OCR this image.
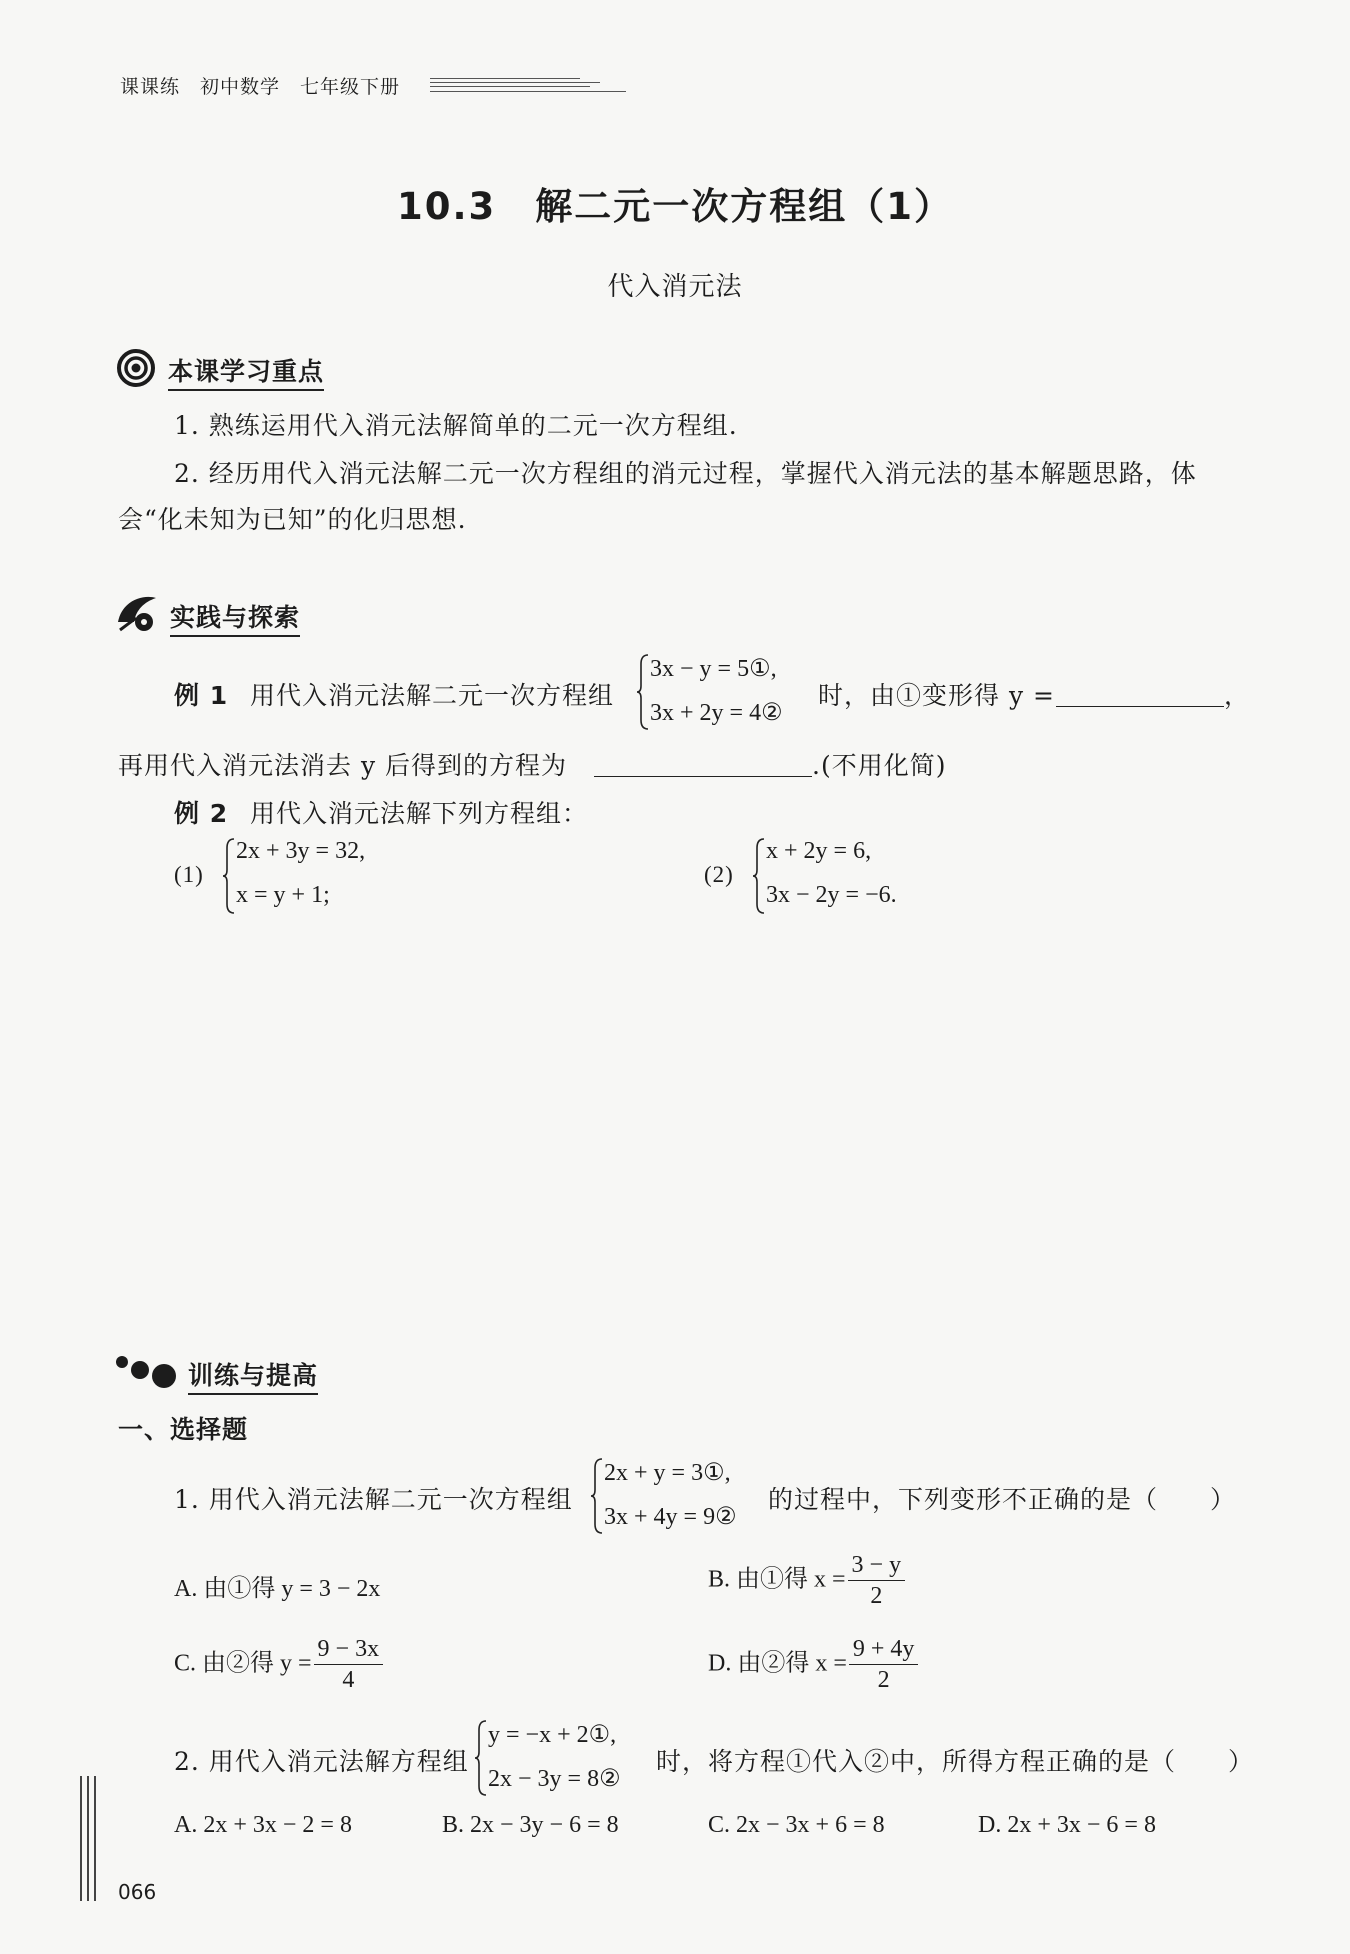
课课练　初中数学　七年级下册
10.3　解二元一次方程组（1）
代入消元法
本课学习重点
1. 熟练运用代入消元法解简单的二元一次方程组.
2. 经历用代入消元法解二元一次方程组的消元过程，掌握代入消元法的基本解题思路，体
会“化未知为已知”的化归思想.
实践与探索
例 1 用代入消元法解二元一次方程组
3x − y = 5①,
3x + 2y = 4②
时，由①变形得 y =	，
再用代入消元法消去 y 后得到的方程为	.(不用化简)
例 2 用代入消元法解下列方程组：
(1)
2x + 3y = 32,
x = y + 1;
(2)
x + 2y = 6,
3x − 2y = −6.
训练与提高
一、选择题
1. 用代入消元法解二元一次方程组
2x + y = 3①,
3x + 4y = 9②
的过程中，下列变形不正确的是（　　）
A. 由①得 y = 3 − 2x	B. 由①得 $x = \frac{3 - y}{2}$
C. 由②得 $y = \frac{9 - 3x}{4}$	D. 由②得 $x = \frac{9 + 4y}{2}$
2. 用代入消元法解方程组
y = −x + 2①,
2x − 3y = 8②
时，将方程①代入②中，所得方程正确的是（　　）
A. 2x + 3x − 2 = 8	B. 2x − 3y − 6 = 8	C. 2x − 3x + 6 = 8	D. 2x + 3x − 6 = 8
066
